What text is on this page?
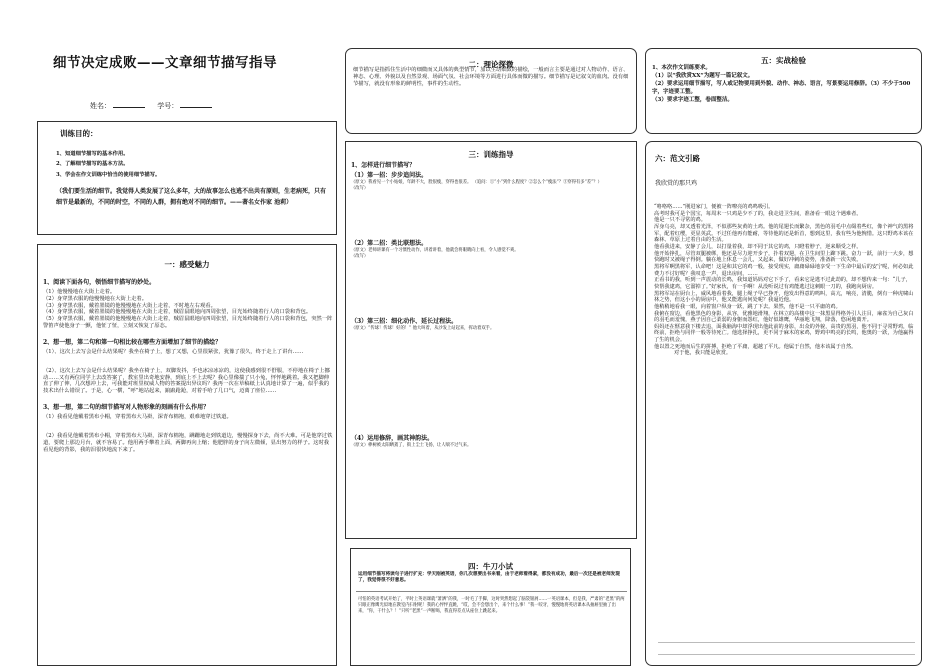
细节决定成败——文章细节描写指导
姓名：	学号：
训练目的：
1、知道细节描写的基本作用。
2、了解细节描写的基本方法。
3、学会在作文训练中恰当的使用细节描写。
（我们要生活的细节。我觉得人类发展了这么多年，大的故事怎么也逃不出共有原则，生老病死，只有细节是最新的，不同的时空，不同的人群，拥有绝对不同的细节。——著名女作家 池莉）
一：感受魅力
1、阅读下面各句，领悟细节描写的妙处。

（1）他慢慢地在大街上走着。

（2）身穿黑衣服的他慢慢地在大街上走着。

（3）身穿黑衣服，戴着墨镜的他慢慢地在大街上走着，不时地左右观看。

（4）身穿黑衣服，戴着墨镜的他慢慢地在大街上走着，贼眉鼠眼地向四周张望，目光始终随着行人的口袋和背包。

（5）身穿黑衣服，戴着墨镜的他慢慢地在大街上走着，贼眉鼠眼地向四周张望，目光始终随着行人的口袋和背包，突然一阵警笛声使他身子一颤，他怔了怔，立刻又恢复了原态。

2、想一想，第二句和第一句相比较在哪些方面增加了细节的描绘？

（1）、这次上去写会是什么结果呢？我坐在椅子上，想了又想，心里很紧张，犹豫了很久，终于走上了讲台……

（2）、这次上去写会是什么结果呢？我坐在椅子上，双脚发抖，手也冰凉冰凉的，这使我感到很不舒服，不停地在椅子上挪动……又有两位同学上去改答案了，教室里出奇地安静，到底上不上去呢？我心里像揣了只小兔，怦怦地跳着。我又把脚伸直了伸了伸，几次想冲上去，可我能对班里权威人物的答案提出异议吗？我再一次在草稿纸上认真地计算了一遍，似乎我的技术出什么错误了。于是，心一横，“呼”地站起来，踉踉跄跄，对着手哈了几口气，迈离了座位……

3、想一想，第二句的细节描写对人物形象的刻画有什么作用？

（1）我看见他戴着黑布小帽，穿着黑布大马褂，深青布棉袍，艰难地穿过铁道。

（2）我看见他戴着黑布小帽，穿着黑布大马褂，深青布棉袍，蹒跚地走到铁道边，慢慢探身下去，尚不大难。可是他穿过铁道，要爬上那边月台，就不容易了。他用两手攀着上面，两脚再向上缩；他肥胖的身子向左微倾，显出努力的样子。这时我看见他的背影，我的泪很快地流下来了。

二：理论探微

细节描写是指抓住生活中的细微而又具体的典型情节，加以生动细致的描绘，一般而言主要是通过对人物动作、语言、神态、心理、外貌以及自然景观、场面气氛、社会环境等方面进行具体而微的描写。细节描写是记叙文的血肉。没有细节描写，就没有形象的鲜明性，事件的生动性。

三：训练指导
1、怎样进行细节描写？
（1）第一招：步步追问法。

（原文）我看见一个小姑娘，年龄不大，脸很瘦，穿得也很差。 （追问：①“小”到什么程度？②怎么个“瘦法”？③穿得有多“差”？）

（改写）

（2）第二招：类比联想法。

（原文）老师讲课有一个习惯性动作，讲着讲着，他就会将眼睛向上看，令人感觉不爽。

（改写）

（3）第三招：细化动作、延长过程法。

（原文）“传球！传球！好的！” 他大叫着，从沙发上站起来，挥动着双手。

（4）运用修辞，画其神韵法。

（原文）棒树被太阳晒蔫了，街上尘土飞扬，让人喘不过气来。

四：牛刀小试

运用细节描写将读句子进行扩充：学天刚被英语，你几次想要出书来看，由于老师看得紧，都没有成功，最后一次还是被老师发现了，我觉得很不好意思。

可怕的英语考试开始了，平时上英语课就“萧洒”的我，一时毛了手脚，这时突然想起了脑袋银屑……一英语课本，但是我，严肃的“老黑”的两只眼正像鹰光似地在教室内扫射呢！我的心怦怦直跳，“哎，会不会想出个，来个什么事！”我一咬牙，慢慢地将英语课本从抽屉里抽了出来，“你，干什么？！”只听“老黑”一声断喝，我直得差点从座位上跳起来。

五：实战检验

1、本次作文训练要求。

（1）以“我欣赏XX”为题写一篇记叙文。

（2）要求运用细节描写，写人或记物要用到外貌、动作、神态、语言，写景要运用修辞。（3）不少于500字，字迹要工整。

（3）要求字迹工整，卷面整洁。

六：范文引路
我欣赏的那只鸡

“咯咯咯……”刚进家门，便被一阵嘹亮的鸡鸣吸引。

高考时我可是个国宝，每周末一只鸡是少不了的，我走进卫生间，准备看一眼这个遇难者。

他是一只不寻常的鸡。

浑身乌亮，却又透着光泽，不似那些灰黄的土鸡。他的尾翅长而繁杂，黑色的羽毛中点缀着些红，像个神气的黑将军，配着红缨，更显英武。不过任他再有能耐，等待他的还是斩首，想到这里，我有些为他惋惜。这只野鸡本该在森林、草原上过着自由的生活。

他看我进来，安静了会儿，以打量着我，却不同于其它的鸡，只瞪着脖子，逆来顺受之样。

他开始挣扎，尽管双腿被绑，他还是尽力迎开步子，扑着双翅，在卫生间里上蹿下跳。奋力一跃，前行一大步，想快跑时又被绳子得倒。躺在地上休息一会儿，又起来，做好冲刺的姿势，准备新一次失败。

黑将军啊黑将军，认命吧！这是和其它的鸡一般，接受现实，庸庸碌碌地享受一下生命中最后的安宁呢，何必如此费力不讨好呢？我叹息一声，退出房间，……

正看书的我，听到一声震动的长鸣，我知道妈妈对它下手了，看来它是逃不过此劫的，却不想传来一句：“儿子，快帮我逮鸡，它溜掉了。”好家伙，有一手啊！从没听说过有鸡能逃过这刺眼一刀的，我跑向厨房。

黑将军站在厨台上，威风地看着我，腿上绳子早已挣开，他发出得意的鸣叫，高亢，响亮，清脆，倒有一种虎啸山林之势，但这小小的厨房中，他又能逃向何处呢？我逼近他。

他稍稍地看我一眼，向着窗户纵身一跃，跳了下去。果然，他不是一只平庸的鸡。

我俯在窗边，看他黑色的身影，从容，优雅地滑翔，在林立的高楼中这一抹黑显得格外引人注目，麻雀为自己灰白的羽毛而羞愧，燕子因自己柔弱的身躯而怨红，他好似雄鹰，华丽地飞翔，降落，悠闲地离开。

妈妈还在惬意我下楼去追，面我脑海中却浮现出他此前的身影，出众的外貌，高贵的黑羽，他不同于寻常野鸡，临终前，拒绝与同伴一般等待死亡。他选择挣扎，更不同于麻木的家鸡，野鸡中鸣亮的长鸣，他奥的一跃，为他赢得了生的机会。

他以置之死地而后生的拼搏，拒绝了平庸，超越了平凡。他属于自然，他本该属于自然。

对于他，我只能是欣赏。
